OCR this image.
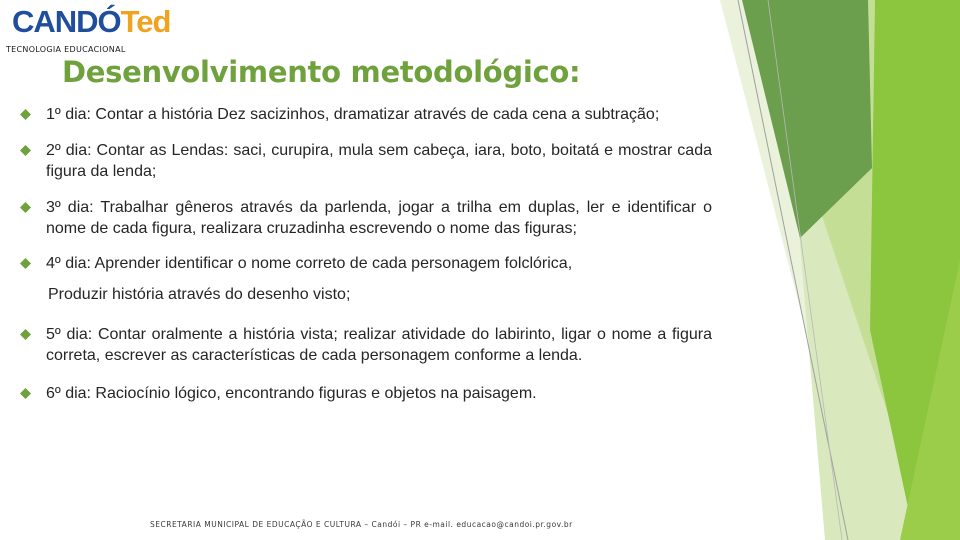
CANDÓTed
TECNOLOGIA EDUCACIONAL
Desenvolvimento metodológico:
1º dia: Contar a história Dez sacizinhos, dramatizar através de cada cena a subtração;
2º dia: Contar as Lendas: saci, curupira, mula sem cabeça, iara, boto, boitatá e mostrar cada figura da lenda;
3º dia: Trabalhar gêneros através da parlenda, jogar a trilha em duplas, ler e identificar o nome de cada figura, realizara cruzadinha escrevendo o nome das figuras;
4º dia: Aprender identificar o nome correto de cada personagem folclórica,
Produzir história através do desenho visto;
5º dia: Contar oralmente a história vista; realizar atividade do labirinto, ligar o nome a figura correta, escrever as características de cada personagem conforme a lenda.
6º dia: Raciocínio lógico, encontrando figuras e objetos na paisagem.
SECRETARIA MUNICIPAL DE EDUCAÇÃO E CULTURA – Candói – PR e-mail. educacao@candoi.pr.gov.br
